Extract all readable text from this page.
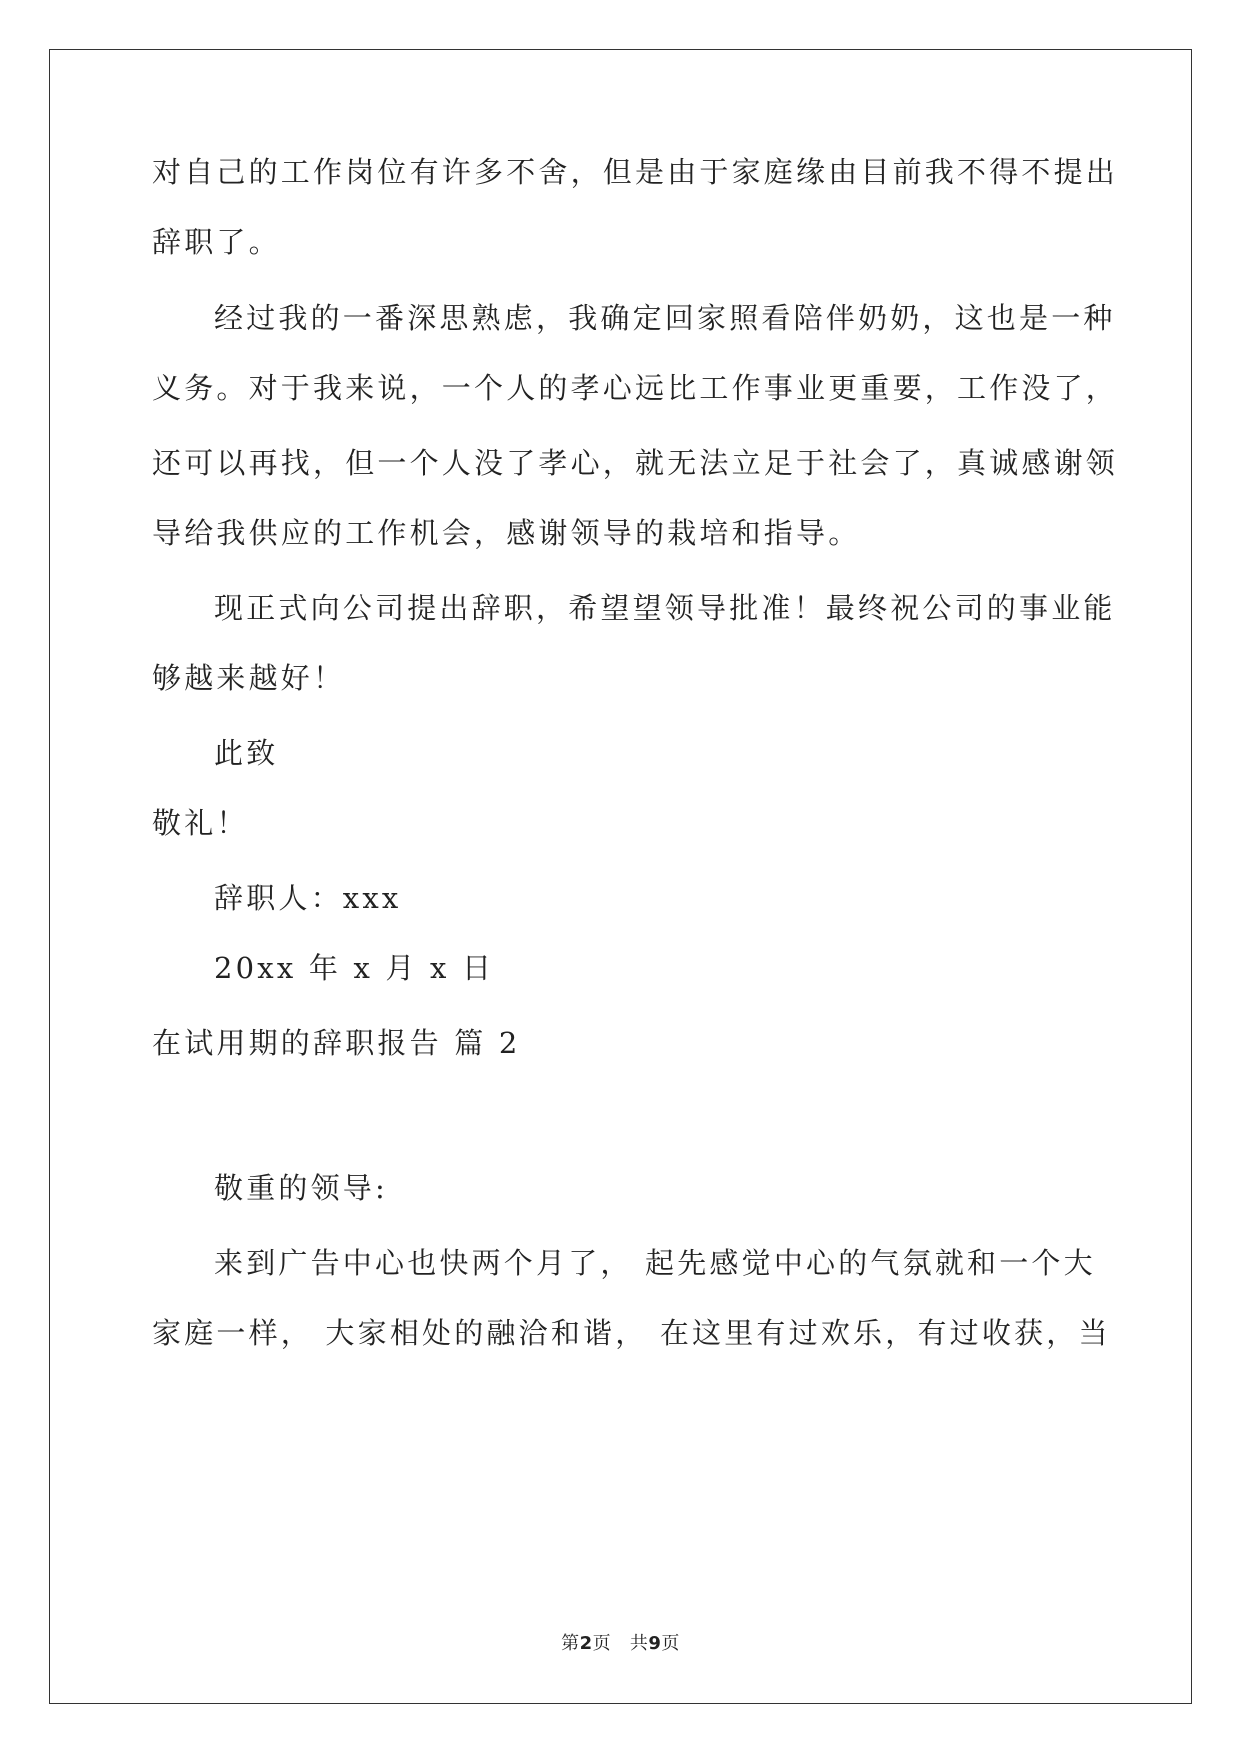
对自己的工作岗位有许多不舍，但是由于家庭缘由目前我不得不提出
辞职了。
经过我的一番深思熟虑，我确定回家照看陪伴奶奶，这也是一种
义务。对于我来说，一个人的孝心远比工作事业更重要，工作没了，
还可以再找，但一个人没了孝心，就无法立足于社会了，真诚感谢领
导给我供应的工作机会，感谢领导的栽培和指导。
现正式向公司提出辞职，希望望领导批准！最终祝公司的事业能
够越来越好！
此致
敬礼！
辞职人：xxx
20xx 年 x 月 x 日
在试用期的辞职报告 篇 2
敬重的领导:
来到广告中心也快两个月了， 起先感觉中心的气氛就和一个大
家庭一样， 大家相处的融洽和谐， 在这里有过欢乐，有过收获，当
第2页 共9页
